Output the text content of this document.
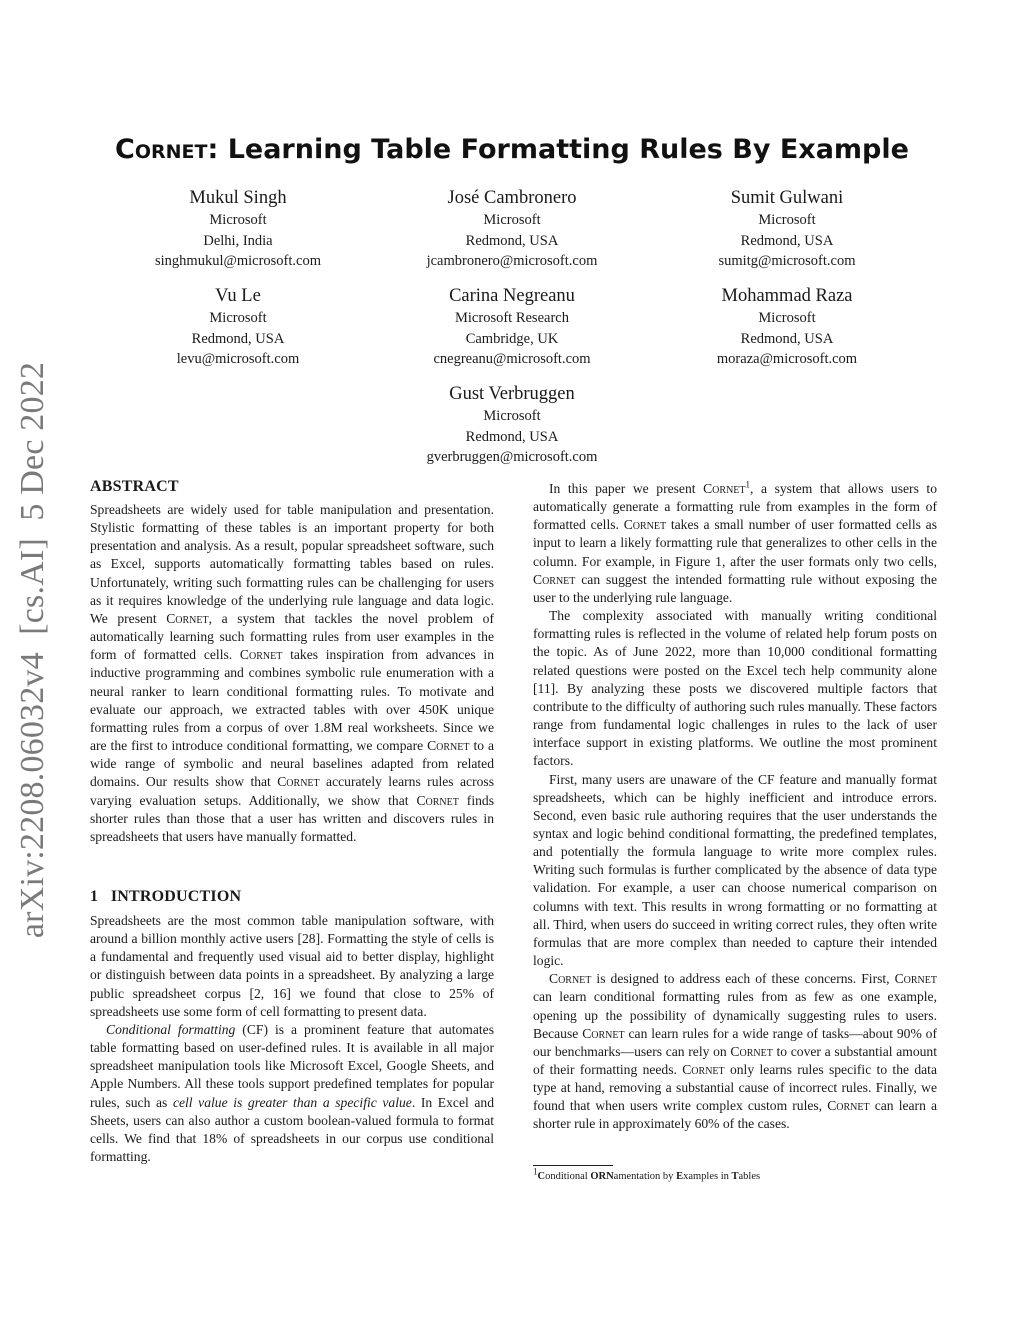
arXiv:2208.06032v4  [cs.AI]  5 Dec 2022
Cornet: Learning Table Formatting Rules By Example
Mukul Singh
Microsoft
Delhi, India
singhmukul@microsoft.com
José Cambronero
Microsoft
Redmond, USA
jcambronero@microsoft.com
Sumit Gulwani
Microsoft
Redmond, USA
sumitg@microsoft.com
Vu Le
Microsoft
Redmond, USA
levu@microsoft.com
Carina Negreanu
Microsoft Research
Cambridge, UK
cnegreanu@microsoft.com
Mohammad Raza
Microsoft
Redmond, USA
moraza@microsoft.com
Gust Verbruggen
Microsoft
Redmond, USA
gverbruggen@microsoft.com
ABSTRACT

Spreadsheets are widely used for table manipulation and presentation. Stylistic formatting of these tables is an important property for both presentation and analysis. As a result, popular spreadsheet software, such as Excel, supports automatically formatting tables based on rules. Unfortunately, writing such formatting rules can be challenging for users as it requires knowledge of the underlying rule language and data logic. We present Cornet, a system that tackles the novel problem of automatically learning such formatting rules from user examples in the form of formatted cells. Cornet takes inspiration from advances in inductive programming and combines symbolic rule enumeration with a neural ranker to learn conditional formatting rules. To motivate and evaluate our approach, we extracted tables with over 450K unique formatting rules from a corpus of over 1.8M real worksheets. Since we are the first to introduce conditional formatting, we compare Cornet to a wide range of symbolic and neural baselines adapted from related domains. Our results show that Cornet accurately learns rules across varying evaluation setups. Additionally, we show that Cornet finds shorter rules than those that a user has written and discovers rules in spreadsheets that users have manually formatted.

1 INTRODUCTION

Spreadsheets are the most common table manipulation software, with around a billion monthly active users [28]. Formatting the style of cells is a fundamental and frequently used visual aid to better display, highlight or distinguish between data points in a spreadsheet. By analyzing a large public spreadsheet corpus [2, 16] we found that close to 25% of spreadsheets use some form of cell formatting to present data.

Conditional formatting (CF) is a prominent feature that automates table formatting based on user-defined rules. It is available in all major spreadsheet manipulation tools like Microsoft Excel, Google Sheets, and Apple Numbers. All these tools support predefined templates for popular rules, such as cell value is greater than a specific value. In Excel and Sheets, users can also author a custom boolean-valued formula to format cells. We find that 18% of spreadsheets in our corpus use conditional formatting.

In this paper we present Cornet$^1$, a system that allows users to automatically generate a formatting rule from examples in the form of formatted cells. Cornet takes a small number of user formatted cells as input to learn a likely formatting rule that generalizes to other cells in the column. For example, in Figure 1, after the user formats only two cells, Cornet can suggest the intended formatting rule without exposing the user to the underlying rule language.

The complexity associated with manually writing conditional formatting rules is reflected in the volume of related help forum posts on the topic. As of June 2022, more than 10,000 conditional formatting related questions were posted on the Excel tech help community alone [11]. By analyzing these posts we discovered multiple factors that contribute to the difficulty of authoring such rules manually. These factors range from fundamental logic challenges in rules to the lack of user interface support in existing platforms. We outline the most prominent factors.

First, many users are unaware of the CF feature and manually format spreadsheets, which can be highly inefficient and introduce errors. Second, even basic rule authoring requires that the user understands the syntax and logic behind conditional formatting, the predefined templates, and potentially the formula language to write more complex rules. Writing such formulas is further complicated by the absence of data type validation. For example, a user can choose numerical comparison on columns with text. This results in wrong formatting or no formatting at all. Third, when users do succeed in writing correct rules, they often write formulas that are more complex than needed to capture their intended logic.

Cornet is designed to address each of these concerns. First, Cornet can learn conditional formatting rules from as few as one example, opening up the possibility of dynamically suggesting rules to users. Because Cornet can learn rules for a wide range of tasks—about 90% of our benchmarks—users can rely on Cornet to cover a substantial amount of their formatting needs. Cornet only learns rules specific to the data type at hand, removing a substantial cause of incorrect rules. Finally, we found that when users write complex custom rules, Cornet can learn a shorter rule in approximately 60% of the cases.

$^1$Conditional ORNamentation by Examples in Tables
